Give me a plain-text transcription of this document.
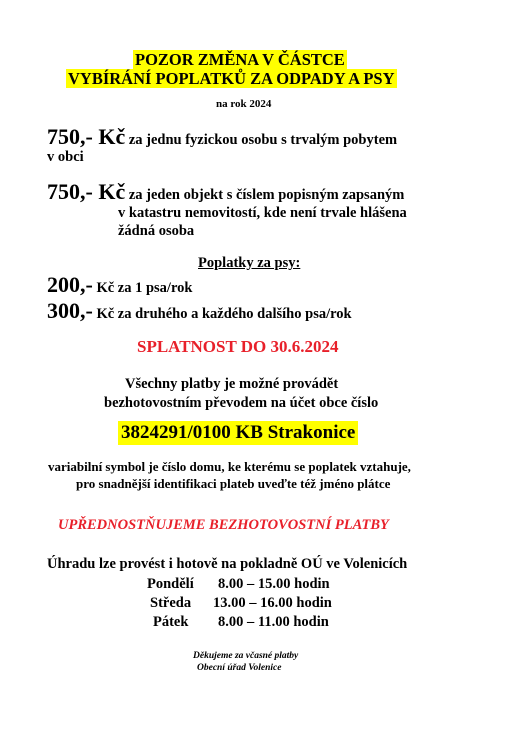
POZOR ZMĚNA V ČÁSTCE
VYBÍRÁNÍ POPLATKŮ ZA ODPADY A PSY
na rok 2024
750,- Kč za jednu fyzickou osobu s trvalým pobytem
v obci
750,- Kč za jeden objekt s číslem popisným zapsaným
v katastru nemovitostí, kde není trvale hlášena
žádná osoba
Poplatky za psy:
200,- Kč za 1 psa/rok
300,- Kč za druhého a každého dalšího psa/rok
SPLATNOST DO 30.6.2024
Všechny platby je možné provádět
bezhotovostním převodem na účet obce číslo
3824291/0100 KB Strakonice
variabilní symbol je číslo domu, ke kterému se poplatek vztahuje,
pro snadnější identifikaci plateb uveďte též jméno plátce
UPŘEDNOSTŇUJEME BEZHOTOVOSTNÍ PLATBY
Úhradu lze provést i hotově na pokladně OÚ ve Volenicích
Pondělí 8.00 – 15.00 hodin
Středa 13.00 – 16.00 hodin
Pátek 8.00 – 11.00 hodin
Děkujeme za včasné platby
Obecní úřad Volenice
